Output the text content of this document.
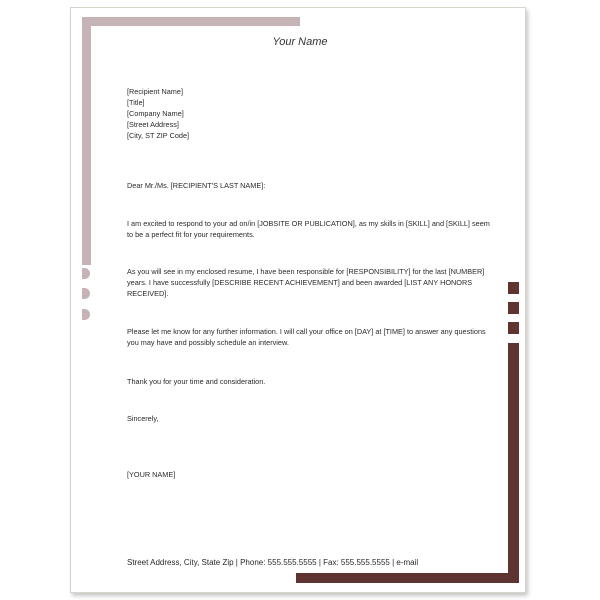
Your Name
[Recipient Name]
[Title]
[Company Name]
[Street Address]
[City, ST ZIP Code]

Dear Mr./Ms. [RECIPIENT'S LAST NAME]:

I am excited to respond to your ad on/in [JOBSITE OR PUBLICATION], as my skills in [SKILL] and [SKILL] seem to be a perfect fit for your requirements.

As you will see in my enclosed resume, I have been responsible for [RESPONSIBILITY] for the last [NUMBER] years. I have successfully [DESCRIBE RECENT ACHIEVEMENT] and been awarded [LIST ANY HONORS RECEIVED].

Please let me know for any further information. I will call your office on [DAY] at [TIME] to answer any questions you may have and possibly schedule an interview.

Thank you for your time and consideration.

Sincerely,

[YOUR NAME]

Street Address, City, State Zip | Phone: 555.555.5555 | Fax: 555.555.5555 | e-mail
